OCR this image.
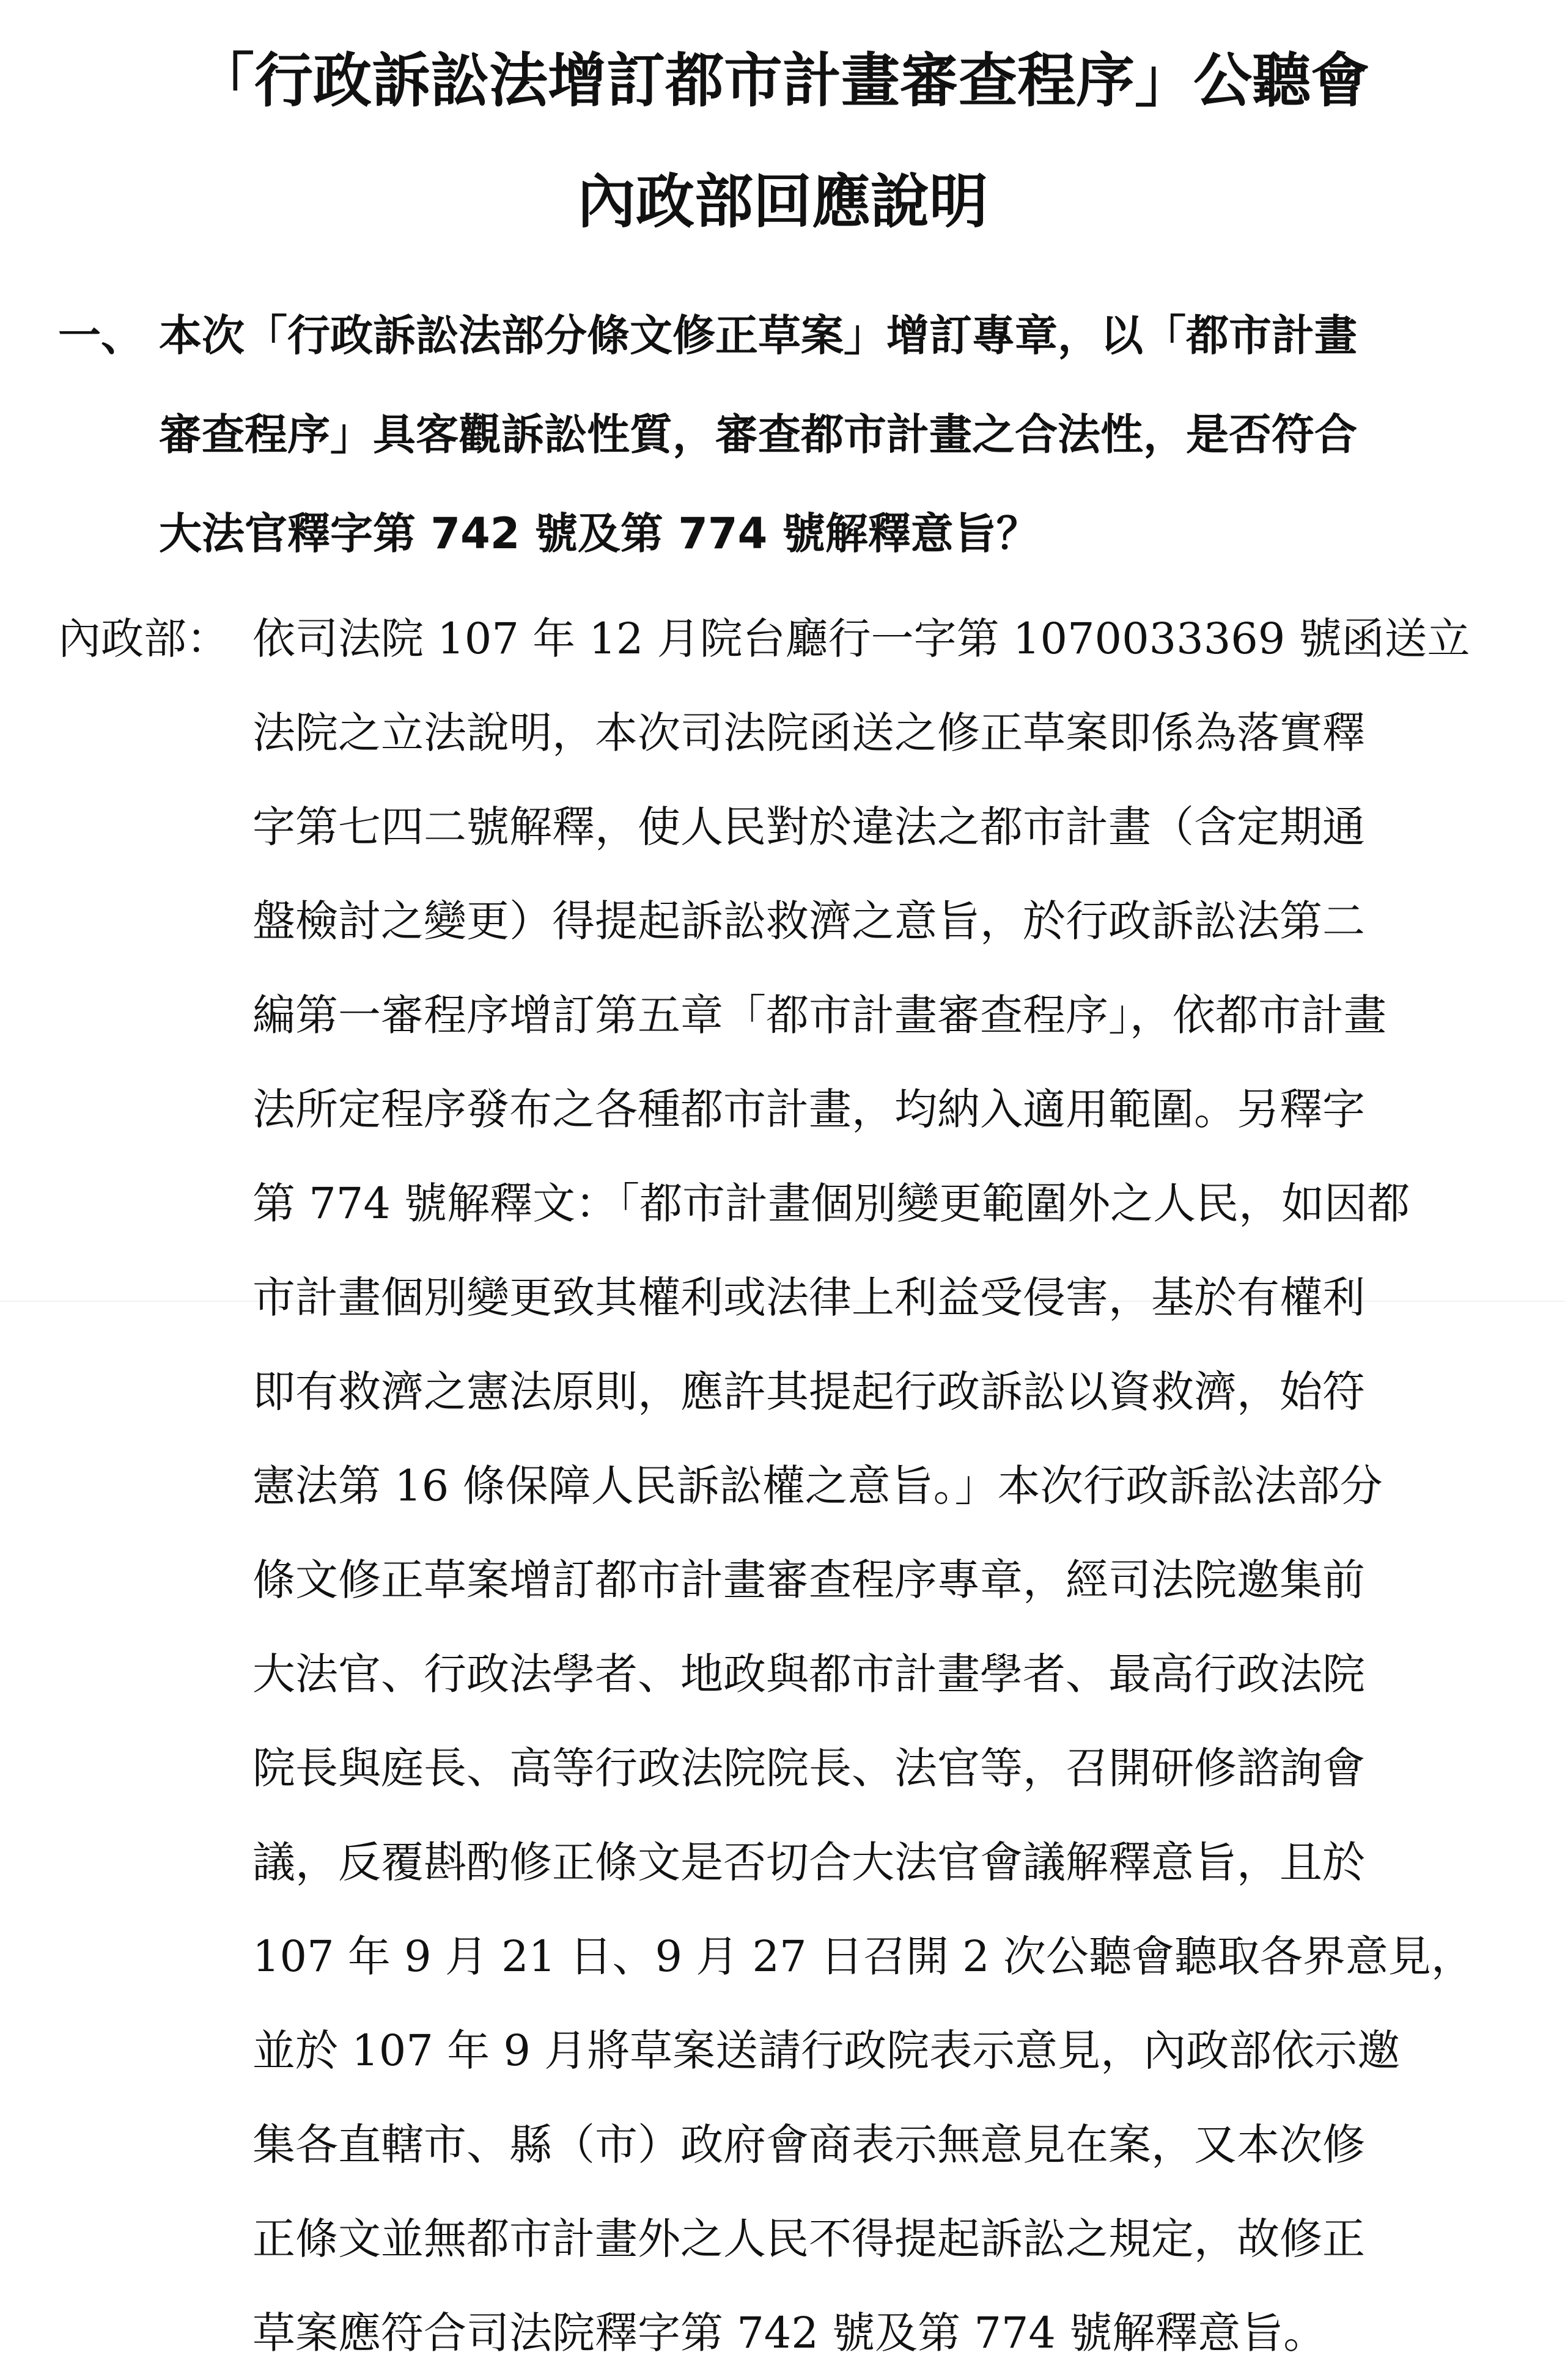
「行政訴訟法增訂都市計畫審查程序」公聽會
內政部回應說明
一、 本次「行政訴訟法部分條文修正草案」增訂專章，以「都市計畫
審查程序」具客觀訴訟性質，審查都市計畫之合法性，是否符合
大法官釋字第 742 號及第 774 號解釋意旨？
內政部： 依司法院 107 年 12 月院台廳行一字第 1070033369 號函送立
法院之立法說明，本次司法院函送之修正草案即係為落實釋
字第七四二號解釋，使人民對於違法之都市計畫（含定期通
盤檢討之變更）得提起訴訟救濟之意旨，於行政訴訟法第二
編第一審程序增訂第五章「都市計畫審查程序」，依都市計畫
法所定程序發布之各種都市計畫，均納入適用範圍。另釋字
第 774 號解釋文：「都市計畫個別變更範圍外之人民，如因都
市計畫個別變更致其權利或法律上利益受侵害，基於有權利
即有救濟之憲法原則，應許其提起行政訴訟以資救濟，始符
憲法第 16 條保障人民訴訟權之意旨。」本次行政訴訟法部分
條文修正草案增訂都市計畫審查程序專章，經司法院邀集前
大法官、行政法學者、地政與都市計畫學者、最高行政法院
院長與庭長、高等行政法院院長、法官等，召開研修諮詢會
議，反覆斟酌修正條文是否切合大法官會議解釋意旨，且於
107 年 9 月 21 日、9 月 27 日召開 2 次公聽會聽取各界意見，
並於 107 年 9 月將草案送請行政院表示意見，內政部依示邀
集各直轄市、縣（市）政府會商表示無意見在案，又本次修
正條文並無都市計畫外之人民不得提起訴訟之規定，故修正
草案應符合司法院釋字第 742 號及第 774 號解釋意旨。
